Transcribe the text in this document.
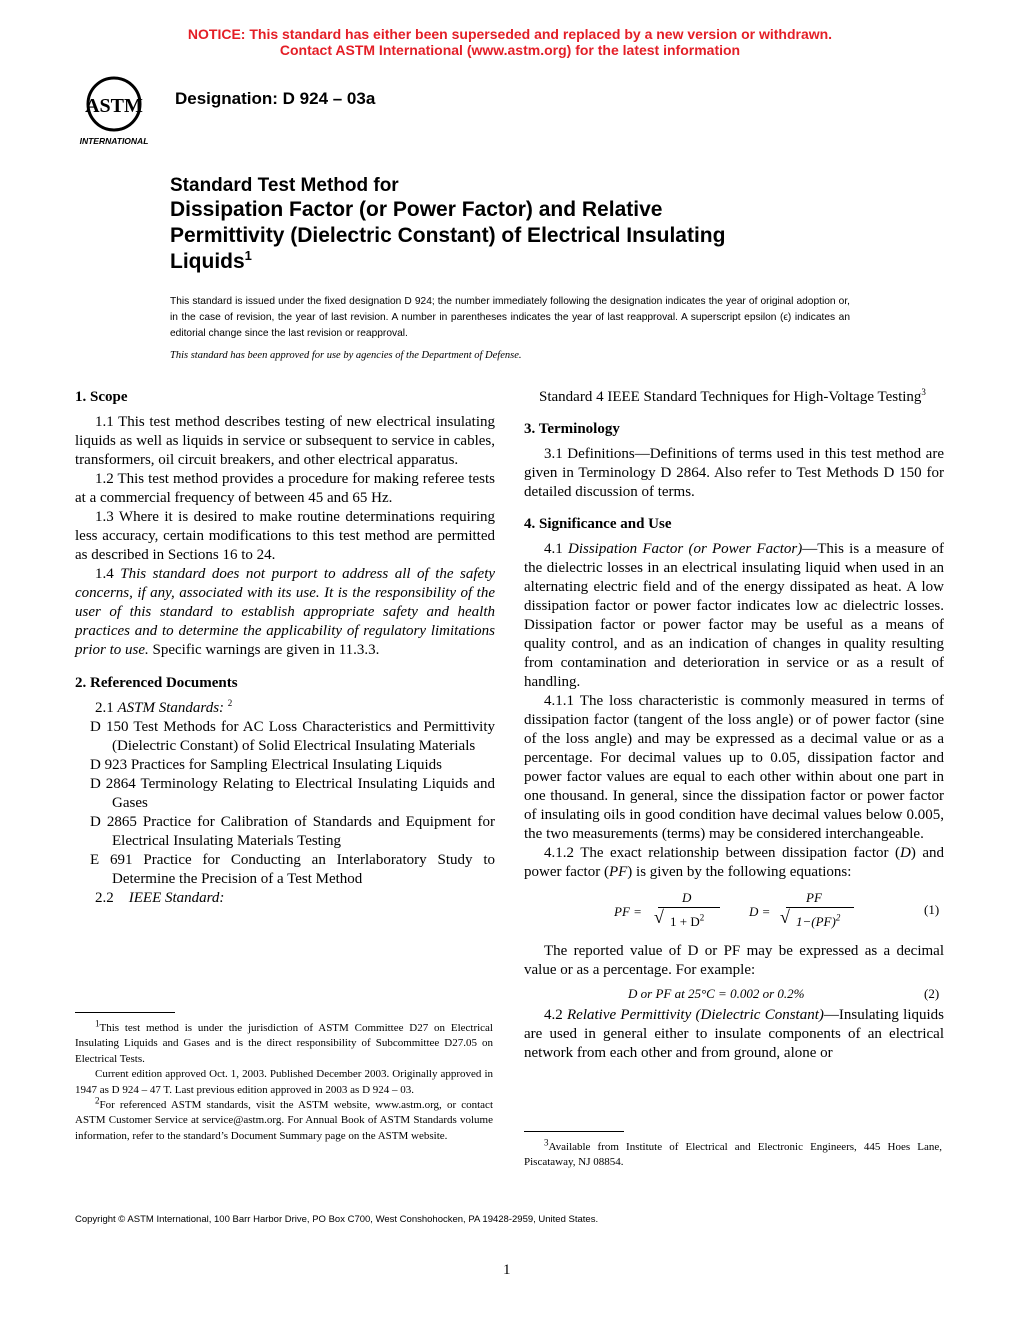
NOTICE: This standard has either been superseded and replaced by a new version or withdrawn.
Contact ASTM International (www.astm.org) for the latest information
ASTM
INTERNATIONAL
Designation: D 924 – 03a
Standard Test Method for
Dissipation Factor (or Power Factor) and Relative
Permittivity (Dielectric Constant) of Electrical Insulating
Liquids$^1$
This standard is issued under the fixed designation D 924; the number immediately following the designation indicates the year of original adoption or, in the case of revision, the year of last revision. A number in parentheses indicates the year of last reapproval. A superscript epsilon (ϵ) indicates an editorial change since the last revision or reapproval.
This standard has been approved for use by agencies of the Department of Defense.

1. Scope

1.1 This test method describes testing of new electrical insulating liquids as well as liquids in service or subsequent to service in cables, transformers, oil circuit breakers, and other electrical apparatus.

1.2 This test method provides a procedure for making referee tests at a commercial frequency of between 45 and 65 Hz.

1.3 Where it is desired to make routine determinations requiring less accuracy, certain modifications to this test method are permitted as described in Sections 16 to 24.

1.4 This standard does not purport to address all of the safety concerns, if any, associated with its use. It is the responsibility of the user of this standard to establish appropriate safety and health practices and to determine the applicability of regulatory limitations prior to use. Specific warnings are given in 11.3.3.

2. Referenced Documents

2.1 ASTM Standards: $^2$

D 150 Test Methods for AC Loss Characteristics and Permittivity (Dielectric Constant) of Solid Electrical Insulating Materials

D 923 Practices for Sampling Electrical Insulating Liquids

D 2864 Terminology Relating to Electrical Insulating Liquids and Gases

D 2865 Practice for Calibration of Standards and Equipment for Electrical Insulating Materials Testing

E 691 Practice for Conducting an Interlaboratory Study to Determine the Precision of a Test Method

2.2    IEEE Standard:

$^1$This test method is under the jurisdiction of ASTM Committee D27 on Electrical Insulating Liquids and Gases and is the direct responsibility of Subcommittee D27.05 on Electrical Tests.

Current edition approved Oct. 1, 2003. Published December 2003. Originally approved in 1947 as D 924 – 47 T. Last previous edition approved in 2003 as D 924 – 03.

$^2$For referenced ASTM standards, visit the ASTM website, www.astm.org, or contact ASTM Customer Service at service@astm.org. For Annual Book of ASTM Standards volume information, refer to the standard’s Document Summary page on the ASTM website.

Standard 4 IEEE Standard Techniques for High-Voltage Testing$^3$

3. Terminology

3.1 Definitions—Definitions of terms used in this test method are given in Terminology D 2864. Also refer to Test Methods D 150 for detailed discussion of terms.

4. Significance and Use

4.1 Dissipation Factor (or Power Factor)—This is a measure of the dielectric losses in an electrical insulating liquid when used in an alternating electric field and of the energy dissipated as heat. A low dissipation factor or power factor indicates low ac dielectric losses. Dissipation factor or power factor may be useful as a means of quality control, and as an indication of changes in quality resulting from contamination and deterioration in service or as a result of handling.

4.1.1 The loss characteristic is commonly measured in terms of dissipation factor (tangent of the loss angle) or of power factor (sine of the loss angle) and may be expressed as a decimal value or as a percentage. For decimal values up to 0.05, dissipation factor and power factor values are equal to each other within about one part in one thousand. In general, since the dissipation factor or power factor of insulating oils in good condition have decimal values below 0.005, the two measurements (terms) may be considered interchangeable.

4.1.2 The exact relationship between dissipation factor (D) and power factor (PF) is given by the following equations:

PF =
D
√ $1 + D^2$	D =
PF
√ 1−(PF)$^2$
(1)

The reported value of D or PF may be expressed as a decimal value or as a percentage. For example:

D or PF at 25°C = 0.002 or 0.2%	(2)

4.2 Relative Permittivity (Dielectric Constant)—Insulating liquids are used in general either to insulate components of an electrical network from each other and from ground, alone or

$^3$Available from Institute of Electrical and Electronic Engineers, 445 Hoes Lane, Piscataway, NJ 08854.

Copyright © ASTM International, 100 Barr Harbor Drive, PO Box C700, West Conshohocken, PA 19428-2959, United States.
1
